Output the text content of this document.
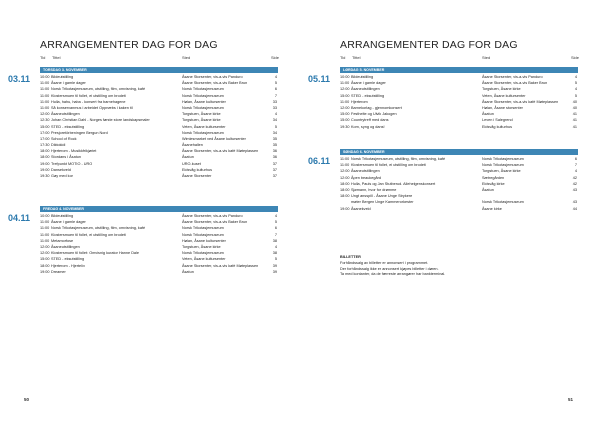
ARRANGEMENTER DAG FOR DAG
Tid Tittel	Sted	Side
TORSDAG 3. NOVEMBER
03.11	10:00 Bildeutstilling	Åsane Storsenter, vis-a-vis Panduro	4
11:00 Åsane i gamle dager	Åsane Storsenter, vis-a-vis Baker Brun	5
11:00 Norsk Trikotasjemuseum, utstilling, film, omvisning, kafé	Norsk Trikotasjemuseum	6
11:00 Klostersmuen til follet, ei utstilling om brodeti	Norsk Trikotasjemuseum	7
11:00 Hulla, hahu, haba - konsert fra barnehagene	Hølan, Åsane kultursenter	33
11:00 Så konservanmus i arbeidet Oppnæbs i kaken til	Norsk Trikotasjemuseum	33
12:00 Åsaneutstillingen	Torgstuen, Åsane kirke	4
12:30 Johan Christian Dahl - Norges første store landskapsmaler	Torgstuen, Åsane kirke	34
15:00 STED - eksutstilling	Veten, Åsane kultursenter	5
17:00 Presjoretörbeningen Bergun Nord	Norsk Trikotasjemuseum	34
17:00 School of Rock	Wimlesmarket ved Åsane kultursenter	35
17:30 Diktokidi	Åsanehallen	35
18:00 Hjerterom - Musikkfrikjøriet	Åsane Storsenter, vis-a-vis kafé Møteplassen	36
18:00 Stordans i Åsatun	Åsatun	36
19:00 Trefpunkt MOTIO - URO	URO-kuset	37
19:00 Dansekveld	Eidsvåg kulturhus	37
19:30 Gøy med kor	Åsane Storsenter	37
FREDAG 4. NOVEMBER
04.11	10:00 Bildeutstilling	Åsane Storsenter, vis-a-vis Panduro	4
11:00 Åsane i gamle dager	Åsane Storsenter, vis-a-vis Baker Brun	5
11:00 Norsk Trikotasjemuseum, utstilling, film, omvisning, kafé	Norsk Trikotasjemuseum	6
11:00 Klostersmuen til follet, ei utstilling om brodeti	Norsk Trikotasjemuseum	7
11:00 Metamorfose	Hølan, Åsane kultursenter	38
12:00 Åsaneutstillingen	Torgstuen, Åsane kirke	4
12:00 Klostersmuen til follet: Omvisnig kurator Hanne Dale	Norsk Trikotasjemuseum	38
15:00 STED - eksutstilling	Veten, Åsane kultursenter	5
18:00 Hjerterom - Hjertelív	Åsane Storsenter, vis-a-vis kafé Møteplassen	39
19:00 Dreamer	Åsatun	39
50
ARRANGEMENTER DAG FOR DAG
Tid Tittel	Sted	Side
LØRDAG 5. NOVEMBER
05.11	10:00 Bildeutstilling	Åsane Storsenter, vis-a-vis Panduro	4
11:00 Åsane i gamle dager	Åsane Storsenter, vis-a-vis Baker Brun	5
12:00 Åsaneutstillingen	Torgstuen, Åsane kirke	4
15:00 STED - eksutstilling	Veten, Åsane kultursenter	5
11:00 Hjerterom	Åsane Storsenter, vis-a-vis kafé Møteplassen	40
12:00 Barnekorlag - gjennomkonsert	Hølan, Åsane storsenter	40
15:00 Festhelte og Ulvik Jakogen	Åsatun	41
15:00 Countrytreff med dans	Leven i Salegrend	41
19:30 Kom, syng og dans!	Eidsvåg kulturhus	41
SØNDAG 6. NOVEMBER
06.11	11:00 Norsk Trikotasjemuseum, utstilling, film, omvisning, kafé	Norsk Trikotasjemuseum	6
11:00 Klostersmuen til follet, ei utstilling om brodeti	Norsk Trikotasjemuseum	7
12:00 Åsaneutstillingen	Torgstuen, Åsane kirke	4
12:00 Åpen beaukegård	Sætregården	42
18:00 Hulla, Pauls og Jan Stutberud. Allehelgenskonsert	Eidsvåg kirke	42
18:00 Sjømann, hvor for drømme	Åsatun	43
18:00 Ungt ansspill - Åsane Unge Strykere
møter Bergen Unge Kammerorkester	Norsk Trikotasjemuseum	43
19:00 Åsanekveld	Åsane kirke	44
BILLETTER
Forhåndssalg av billetter er annonsert i programmet.
Der forhåndssalg ikke er annonsert kjøpes billetter i døren.
Ta med kontanter, da de færreste arrangører har bankterminal.
51
